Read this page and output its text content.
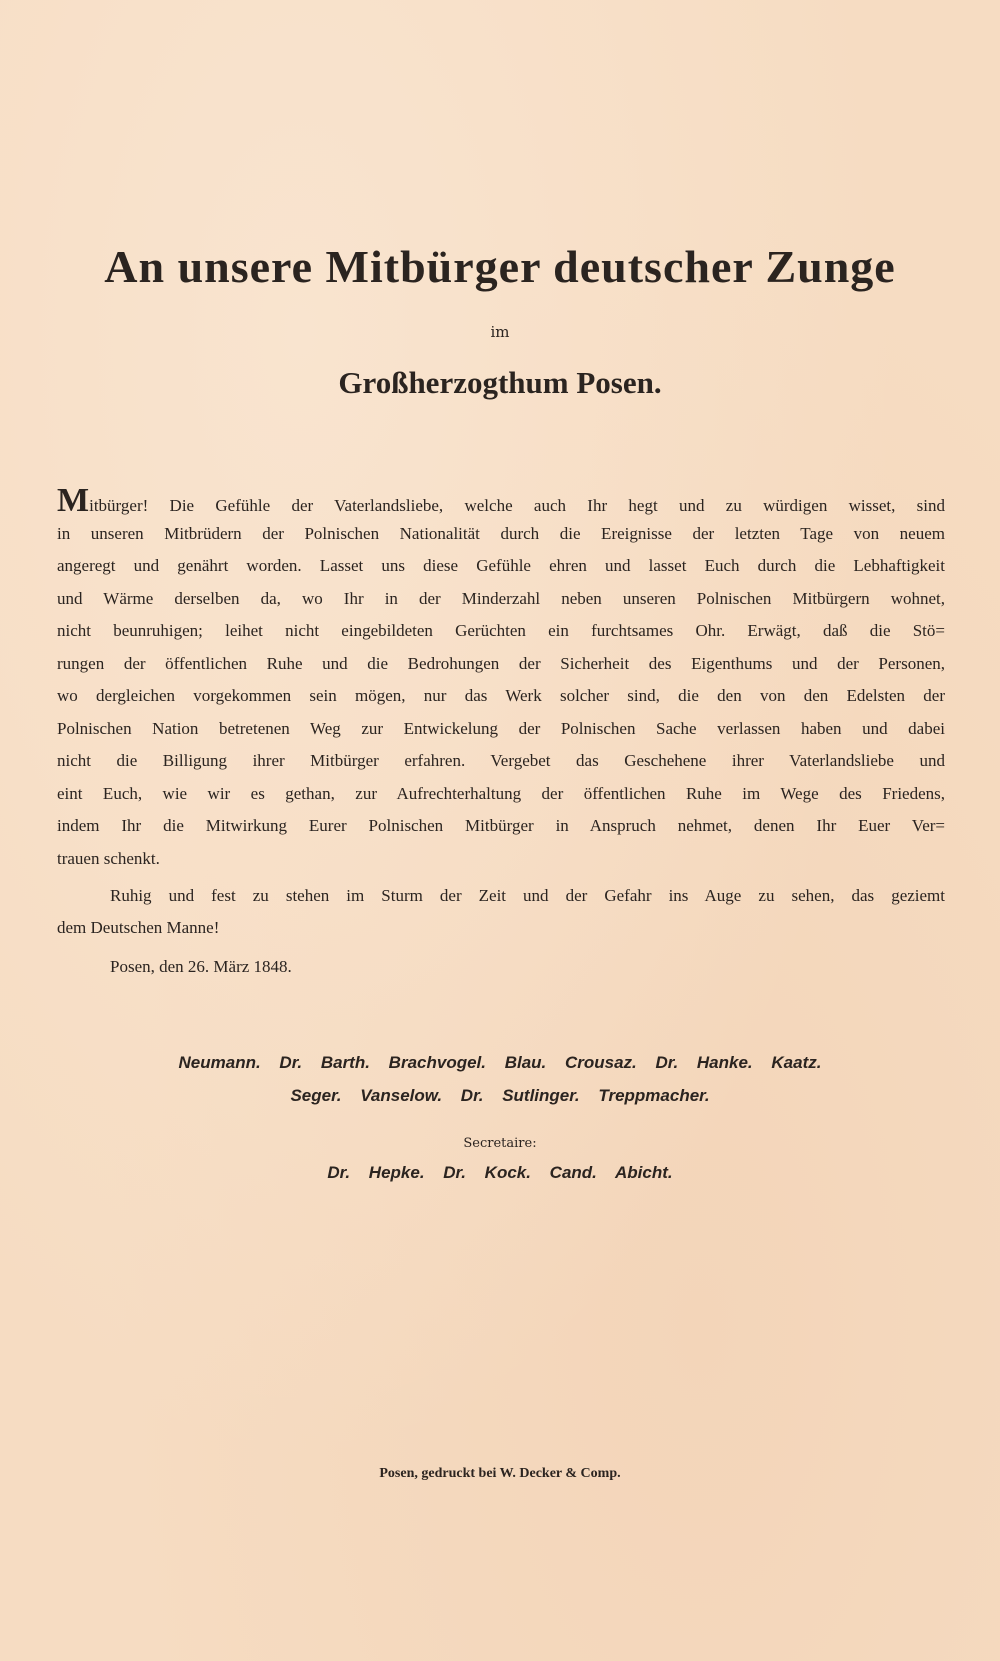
An unsere Mitbürger deutscher Zunge
im
Großherzogthum Posen.
Mitbürger! Die Gefühle der Vaterlandsliebe, welche auch Ihr hegt und zu würdigen wisset, sind
in unseren Mitbrüdern der Polnischen Nationalität durch die Ereignisse der letzten Tage von neuem
angeregt und genährt worden. Lasset uns diese Gefühle ehren und lasset Euch durch die Lebhaftigkeit
und Wärme derselben da, wo Ihr in der Minderzahl neben unseren Polnischen Mitbürgern wohnet,
nicht beunruhigen; leihet nicht eingebildeten Gerüchten ein furchtsames Ohr. Erwägt, daß die Stö=
rungen der öffentlichen Ruhe und die Bedrohungen der Sicherheit des Eigenthums und der Personen,
wo dergleichen vorgekommen sein mögen, nur das Werk solcher sind, die den von den Edelsten der
Polnischen Nation betretenen Weg zur Entwickelung der Polnischen Sache verlassen haben und dabei
nicht die Billigung ihrer Mitbürger erfahren. Vergebet das Geschehene ihrer Vaterlandsliebe und
eint Euch, wie wir es gethan, zur Aufrechterhaltung der öffentlichen Ruhe im Wege des Friedens,
indem Ihr die Mitwirkung Eurer Polnischen Mitbürger in Anspruch nehmet, denen Ihr Euer Ver=
trauen schenkt.
Ruhig und fest zu stehen im Sturm der Zeit und der Gefahr ins Auge zu sehen, das geziemt
dem Deutschen Manne!
Posen, den 26. März 1848.
Neumann. Dr. Barth. Brachvogel. Blau. Crousaz. Dr. Hanke. Kaatz.
Seger. Vanselow. Dr. Sutlinger. Treppmacher.
Secretaire:
Dr. Hepke. Dr. Kock. Cand. Abicht.
Posen, gedruckt bei W. Decker & Comp.
